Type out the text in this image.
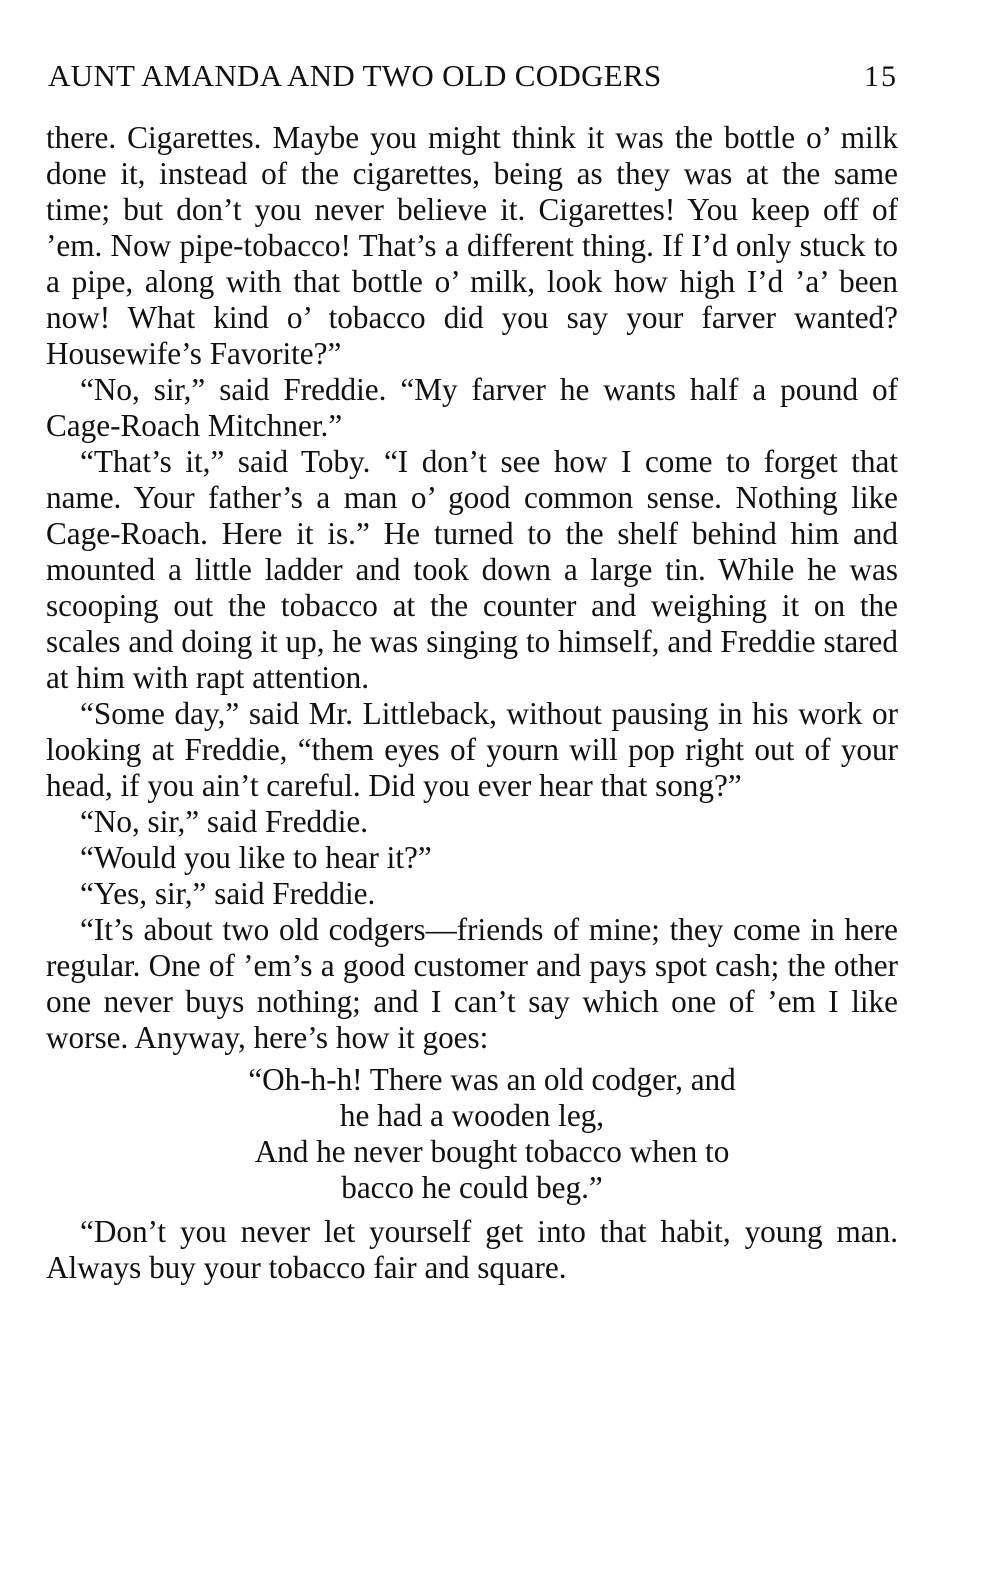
AUNT AMANDA AND TWO OLD CODGERS	15

there. Cigarettes. Maybe you might think it was the bottle o’ milk done it, instead of the cigarettes, being as they was at the same time; but don’t you never believe it. Cigarettes! You keep off of ’em. Now pipe-tobacco! That’s a different thing. If I’d only stuck to a pipe, along with that bottle o’ milk, look how high I’d ’a’ been now! What kind o’ tobacco did you say your farver wanted? Housewife’s Favorite?”

“No, sir,” said Freddie. “My farver he wants half a pound of Cage-Roach Mitchner.”

“That’s it,” said Toby. “I don’t see how I come to forget that name. Your father’s a man o’ good common sense. Nothing like Cage-Roach. Here it is.” He turned to the shelf behind him and mounted a little ladder and took down a large tin. While he was scooping out the tobacco at the counter and weighing it on the scales and doing it up, he was singing to himself, and Freddie stared at him with rapt attention.

“Some day,” said Mr. Littleback, without pausing in his work or looking at Freddie, “them eyes of yourn will pop right out of your head, if you ain’t careful. Did you ever hear that song?”

“No, sir,” said Freddie.

“Would you like to hear it?”

“Yes, sir,” said Freddie.

“It’s about two old codgers—friends of mine; they come in here regular. One of ’em’s a good customer and pays spot cash; the other one never buys nothing; and I can’t say which one of ’em I like worse. Anyway, here’s how it goes:

“Oh-h-h! There was an old codger, and
he had a wooden leg,
And he never bought tobacco when to
bacco he could beg.”

“Don’t you never let yourself get into that habit, young man. Always buy your tobacco fair and square.
